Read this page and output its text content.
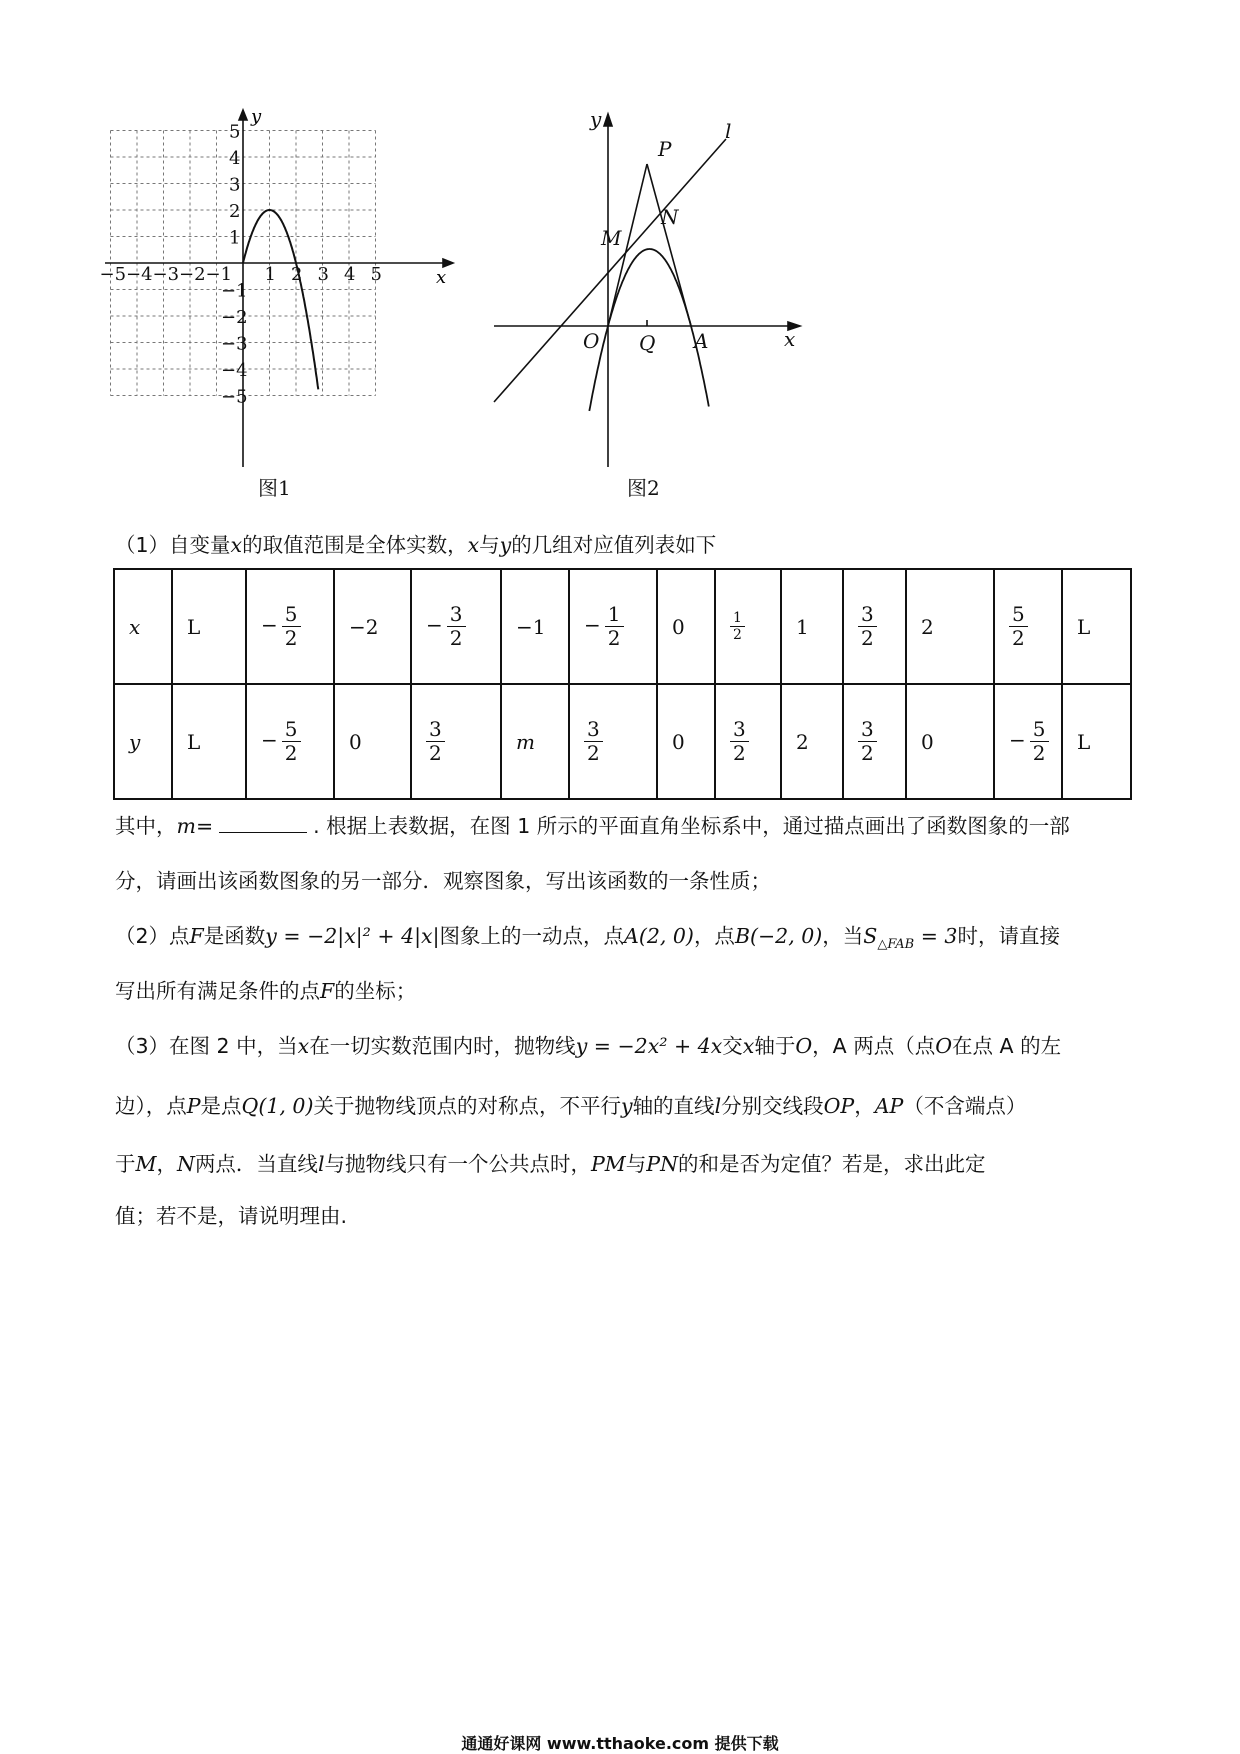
−5 −4 −3 −2 −1 1 2 3 4 5
1
−1
2
−2
3
−3
4
−4
5
−5
x
y
图1
y
x
P
l
N
M
O Q A
图2
（1）自变量x的取值范围是全体实数，x与y的几组对应值列表如下
x	L	− $\frac{5}{2}$	−2	− $\frac{3}{2}$	−1	− $\frac{1}{2}$	0	$\frac{1}{2}$	1	$\frac{3}{2}$	2	$\frac{5}{2}$	L
y	L	− $\frac{5}{2}$	0	$\frac{3}{2}$	m	$\frac{3}{2}$	0	$\frac{3}{2}$	2	$\frac{3}{2}$	0	− $\frac{5}{2}$	L
其中，m=	. 根据上表数据，在图 1 所示的平面直角坐标系中，通过描点画出了函数图象的一部
分，请画出该函数图象的另一部分．观察图象，写出该函数的一条性质；
（2）点F是函数y = −2|x|² + 4|x|图象上的一动点，点A(2, 0)，点B(−2, 0)，当$S_{\triangle FAB} = 3$时，请直接
写出所有满足条件的点F的坐标；
（3）在图 2 中，当x在一切实数范围内时，抛物线y = −2x² + 4x交x轴于O，A 两点（点O在点 A 的左
边），点P是点Q(1, 0)关于抛物线顶点的对称点，不平行y轴的直线l分别交线段OP，AP（不含端点）
于M，N两点．当直线l与抛物线只有一个公共点时，PM与PN的和是否为定值？若是，求出此定
值；若不是，请说明理由.
通通好课网 www.tthaoke.com 提供下载
